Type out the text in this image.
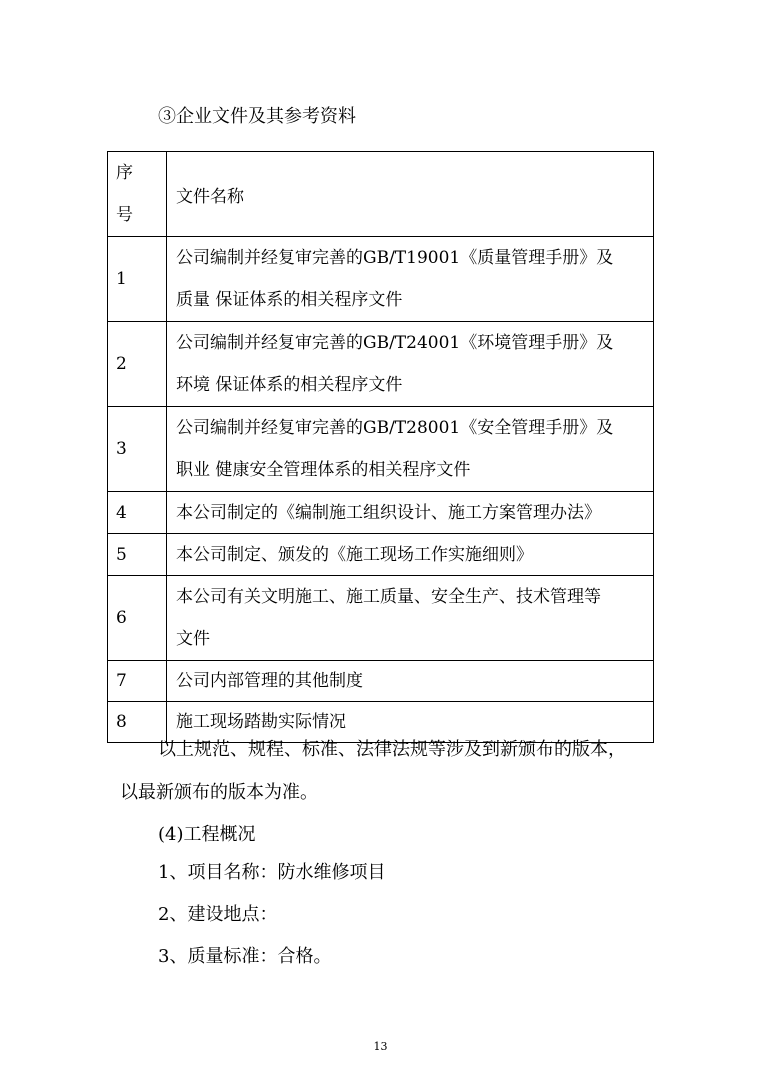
③企业文件及其参考资料
序
号	文件名称
1	公司编制并经复审完善的GB/T19001《质量管理手册》及
质量 保证体系的相关程序文件

2	公司编制并经复审完善的GB/T24001《环境管理手册》及
环境 保证体系的相关程序文件

3	公司编制并经复审完善的GB/T28001《安全管理手册》及
职业 健康安全管理体系的相关程序文件

4	本公司制定的《编制施工组织设计、施工方案管理办法》

5	本公司制定、颁发的《施工现场工作实施细则》

6	本公司有关文明施工、施工质量、安全生产、技术管理等
文件

7	公司内部管理的其他制度

8	施工现场踏勘实际情况
以上规范、规程、标准、法律法规等涉及到新颁布的版本，
以最新颁布的版本为准。
(4)工程概况
1、项目名称：防水维修项目
2、建设地点：
3、质量标准：合格。
13
